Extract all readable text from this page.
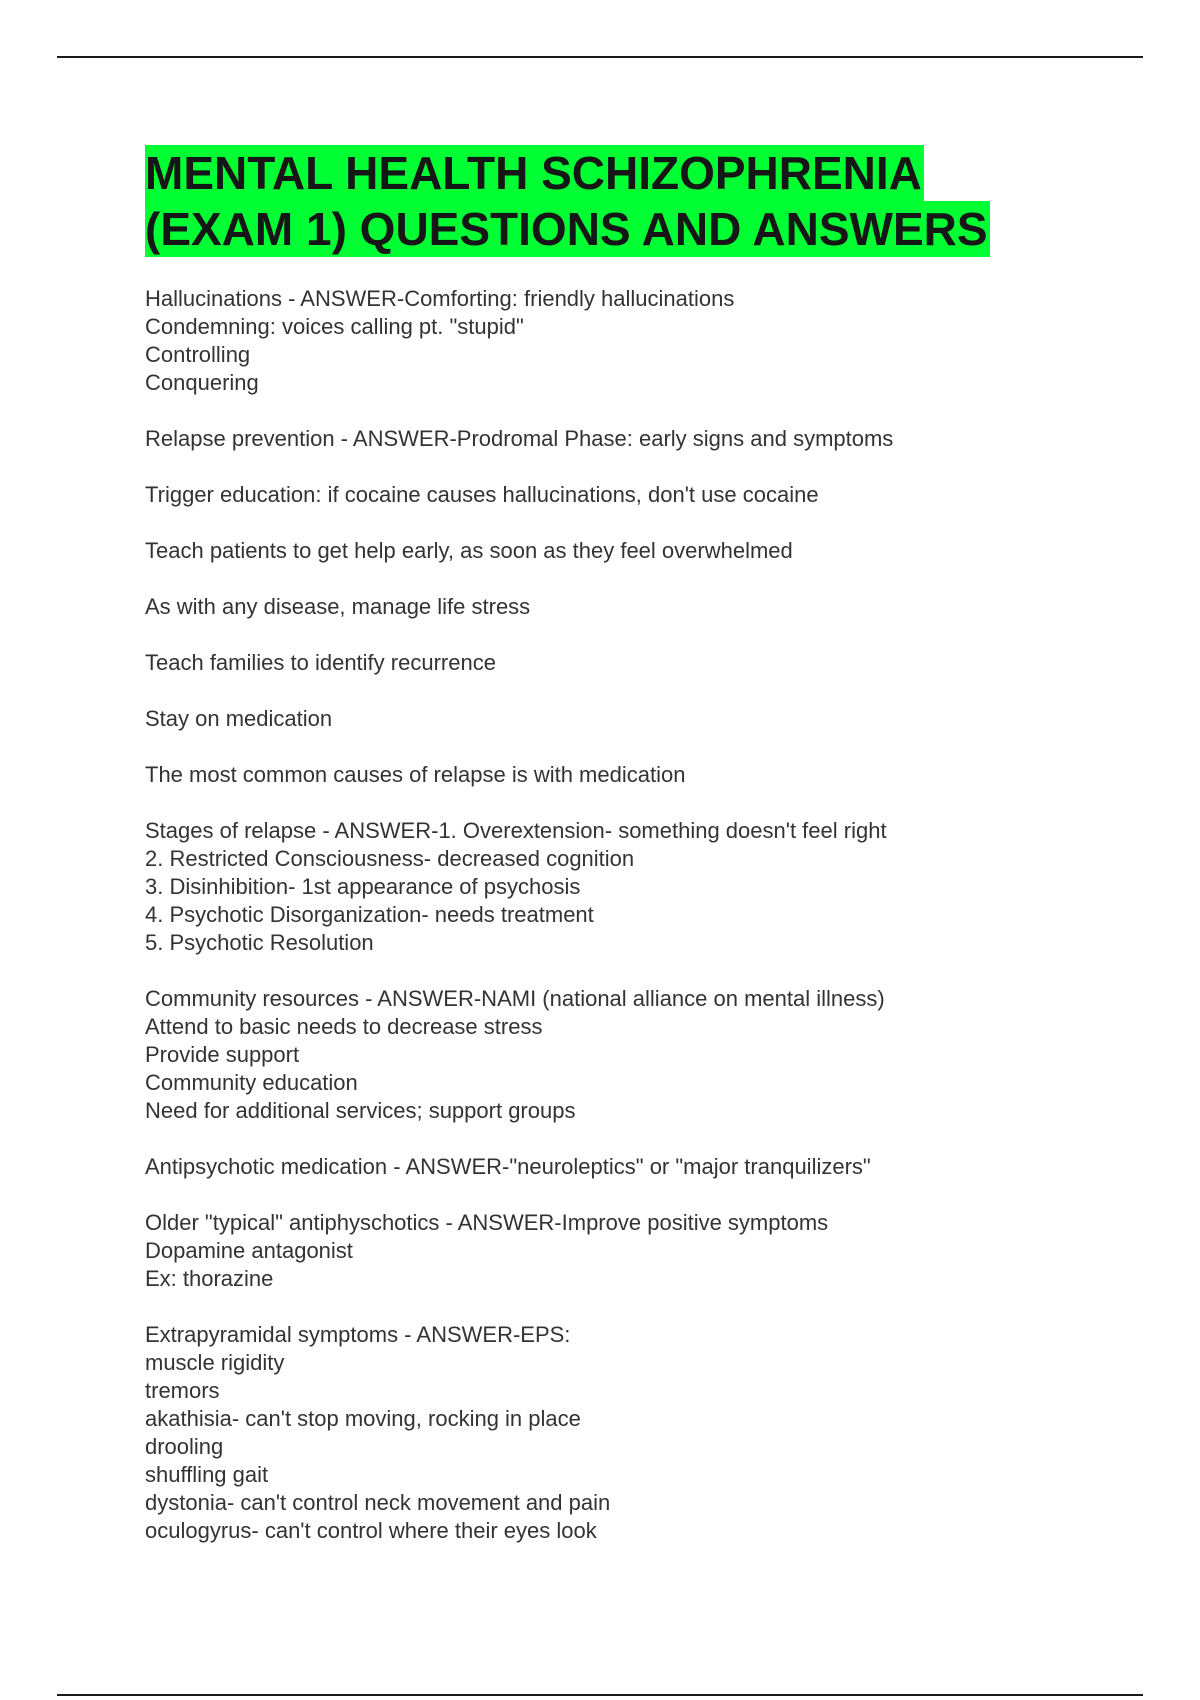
MENTAL HEALTH SCHIZOPHRENIA
(EXAM 1) QUESTIONS AND ANSWERS
Hallucinations - ANSWER-Comforting: friendly hallucinations
Condemning: voices calling pt. "stupid"
Controlling
Conquering
Relapse prevention - ANSWER-Prodromal Phase: early signs and symptoms
Trigger education: if cocaine causes hallucinations, don't use cocaine
Teach patients to get help early, as soon as they feel overwhelmed
As with any disease, manage life stress
Teach families to identify recurrence
Stay on medication
The most common causes of relapse is with medication
Stages of relapse - ANSWER-1. Overextension- something doesn't feel right
2. Restricted Consciousness- decreased cognition
3. Disinhibition- 1st appearance of psychosis
4. Psychotic Disorganization- needs treatment
5. Psychotic Resolution
Community resources - ANSWER-NAMI (national alliance on mental illness)
Attend to basic needs to decrease stress
Provide support
Community education
Need for additional services; support groups
Antipsychotic medication - ANSWER-"neuroleptics" or "major tranquilizers"
Older "typical" antiphyschotics - ANSWER-Improve positive symptoms
Dopamine antagonist
Ex: thorazine
Extrapyramidal symptoms - ANSWER-EPS:
muscle rigidity
tremors
akathisia- can't stop moving, rocking in place
drooling
shuffling gait
dystonia- can't control neck movement and pain
oculogyrus- can't control where their eyes look
